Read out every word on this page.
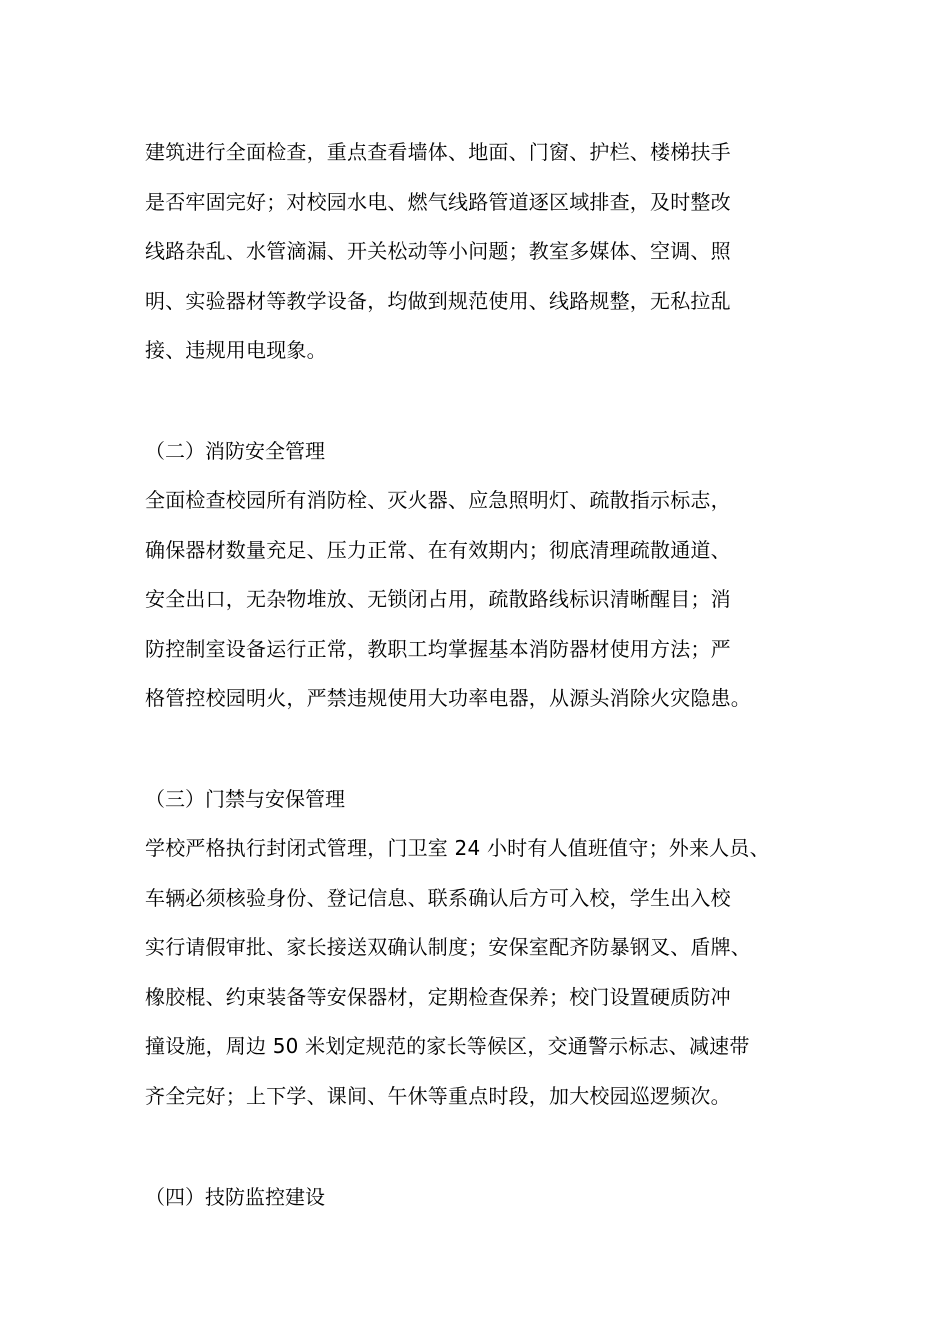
建筑进行全面检查，重点查看墙体、地面、门窗、护栏、楼梯扶手
是否牢固完好；对校园水电、燃气线路管道逐区域排查，及时整改
线路杂乱、水管滴漏、开关松动等小问题；教室多媒体、空调、照
明、实验器材等教学设备，均做到规范使用、线路规整，无私拉乱
接、违规用电现象。
（二）消防安全管理
全面检查校园所有消防栓、灭火器、应急照明灯、疏散指示标志，
确保器材数量充足、压力正常、在有效期内；彻底清理疏散通道、
安全出口，无杂物堆放、无锁闭占用，疏散路线标识清晰醒目；消
防控制室设备运行正常，教职工均掌握基本消防器材使用方法；严
格管控校园明火，严禁违规使用大功率电器，从源头消除火灾隐患。
（三）门禁与安保管理
学校严格执行封闭式管理，门卫室 24 小时有人值班值守；外来人员、
车辆必须核验身份、登记信息、联系确认后方可入校，学生出入校
实行请假审批、家长接送双确认制度；安保室配齐防暴钢叉、盾牌、
橡胶棍、约束装备等安保器材，定期检查保养；校门设置硬质防冲
撞设施，周边 50 米划定规范的家长等候区，交通警示标志、减速带
齐全完好；上下学、课间、午休等重点时段，加大校园巡逻频次。
（四）技防监控建设
